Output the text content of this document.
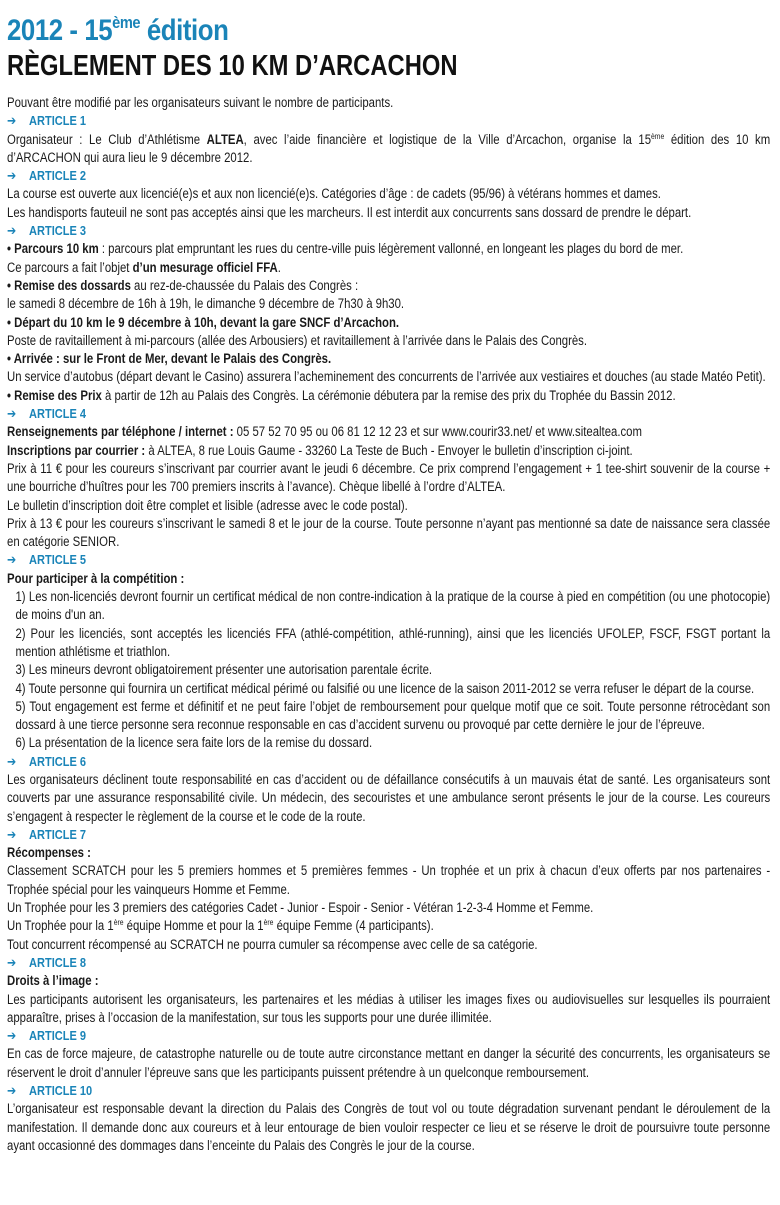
2012 - 15ème édition
RÈGLEMENT DES 10 KM D’ARCACHON

Pouvant être modifié par les organisateurs suivant le nombre de participants.

➔ ARTICLE 1

Organisateur : Le Club d’Athlétisme ALTEA, avec l’aide financière et logistique de la Ville d’Arcachon, organise la 15ème édition des 10 km d’ARCACHON qui aura lieu le 9 décembre 2012.

➔ ARTICLE 2

La course est ouverte aux licencié(e)s et aux non licencié(e)s. Catégories d’âge : de cadets (95/96) à vétérans hommes et dames.

Les handisports fauteuil ne sont pas acceptés ainsi que les marcheurs. Il est interdit aux concurrents sans dossard de prendre le départ.

➔ ARTICLE 3

• Parcours 10 km : parcours plat empruntant les rues du centre-ville puis légèrement vallonné, en longeant les plages du bord de mer.

Ce parcours a fait l’objet d’un mesurage officiel FFA.

• Remise des dossards au rez-de-chaussée du Palais des Congrès :

le samedi 8 décembre de 16h à 19h, le dimanche 9 décembre de 7h30 à 9h30.

• Départ du 10 km le 9 décembre à 10h, devant la gare SNCF d’Arcachon.

Poste de ravitaillement à mi-parcours (allée des Arbousiers) et ravitaillement à l’arrivée dans le Palais des Congrès.

• Arrivée : sur le Front de Mer, devant le Palais des Congrès.

Un service d’autobus (départ devant le Casino) assurera l’acheminement des concurrents de l’arrivée aux vestiaires et douches (au stade Matéo Petit).

• Remise des Prix à partir de 12h au Palais des Congrès. La cérémonie débutera par la remise des prix du Trophée du Bassin 2012.

➔ ARTICLE 4

Renseignements par téléphone / internet : 05 57 52 70 95 ou 06 81 12 12 23 et sur www.courir33.net/ et www.sitealtea.com

Inscriptions par courrier : à ALTEA, 8 rue Louis Gaume - 33260 La Teste de Buch - Envoyer le bulletin d’inscription ci-joint.

Prix à 11 € pour les coureurs s’inscrivant par courrier avant le jeudi 6 décembre. Ce prix comprend l’engagement + 1 tee-shirt souvenir de la course + une bourriche d’huîtres pour les 700 premiers inscrits à l’avance). Chèque libellé à l’ordre d’ALTEA.

Le bulletin d’inscription doit être complet et lisible (adresse avec le code postal).

Prix à 13 € pour les coureurs s’inscrivant le samedi 8 et le jour de la course. Toute personne n’ayant pas mentionné sa date de naissance sera classée en catégorie SENIOR.

➔ ARTICLE 5

Pour participer à la compétition :

1) Les non-licenciés devront fournir un certificat médical de non contre-indication à la pratique de la course à pied en compétition (ou une photocopie) de moins d'un an.

2) Pour les licenciés, sont acceptés les licenciés FFA (athlé-compétition, athlé-running), ainsi que les licenciés UFOLEP, FSCF, FSGT portant la mention athlétisme et triathlon.

3) Les mineurs devront obligatoirement présenter une autorisation parentale écrite.

4) Toute personne qui fournira un certificat médical périmé ou falsifié ou une licence de la saison 2011-2012 se verra refuser le départ de la course.

5) Tout engagement est ferme et définitif et ne peut faire l’objet de remboursement pour quelque motif que ce soit. Toute personne rétrocèdant son dossard à une tierce personne sera reconnue responsable en cas d’accident survenu ou provoqué par cette dernière le jour de l’épreuve.

6) La présentation de la licence sera faite lors de la remise du dossard.

➔ ARTICLE 6

Les organisateurs déclinent toute responsabilité en cas d’accident ou de défaillance consécutifs à un mauvais état de santé. Les organisateurs sont couverts par une assurance responsabilité civile. Un médecin, des secouristes et une ambulance seront présents le jour de la course. Les coureurs s’engagent à respecter le règlement de la course et le code de la route.

➔ ARTICLE 7

Récompenses :

Classement SCRATCH pour les 5 premiers hommes et 5 premières femmes - Un trophée et un prix à chacun d’eux offerts par nos partenaires - Trophée spécial pour les vainqueurs Homme et Femme.

Un Trophée pour les 3 premiers des catégories Cadet - Junior - Espoir - Senior - Vétéran 1-2-3-4 Homme et Femme.

Un Trophée pour la 1ère équipe Homme et pour la 1ère équipe Femme (4 participants).

Tout concurrent récompensé au SCRATCH ne pourra cumuler sa récompense avec celle de sa catégorie.

➔ ARTICLE 8

Droits à l’image :

Les participants autorisent les organisateurs, les partenaires et les médias à utiliser les images fixes ou audiovisuelles sur lesquelles ils pourraient apparaître, prises à l’occasion de la manifestation, sur tous les supports pour une durée illimitée.

➔ ARTICLE 9

En cas de force majeure, de catastrophe naturelle ou de toute autre circonstance mettant en danger la sécurité des concurrents, les organisateurs se réservent le droit d’annuler l’épreuve sans que les participants puissent prétendre à un quelconque remboursement.

➔ ARTICLE 10

L’organisateur est responsable devant la direction du Palais des Congrès de tout vol ou toute dégradation survenant pendant le déroulement de la manifestation. Il demande donc aux coureurs et à leur entourage de bien vouloir respecter ce lieu et se réserve le droit de poursuivre toute personne ayant occasionné des dommages dans l’enceinte du Palais des Congrès le jour de la course.
